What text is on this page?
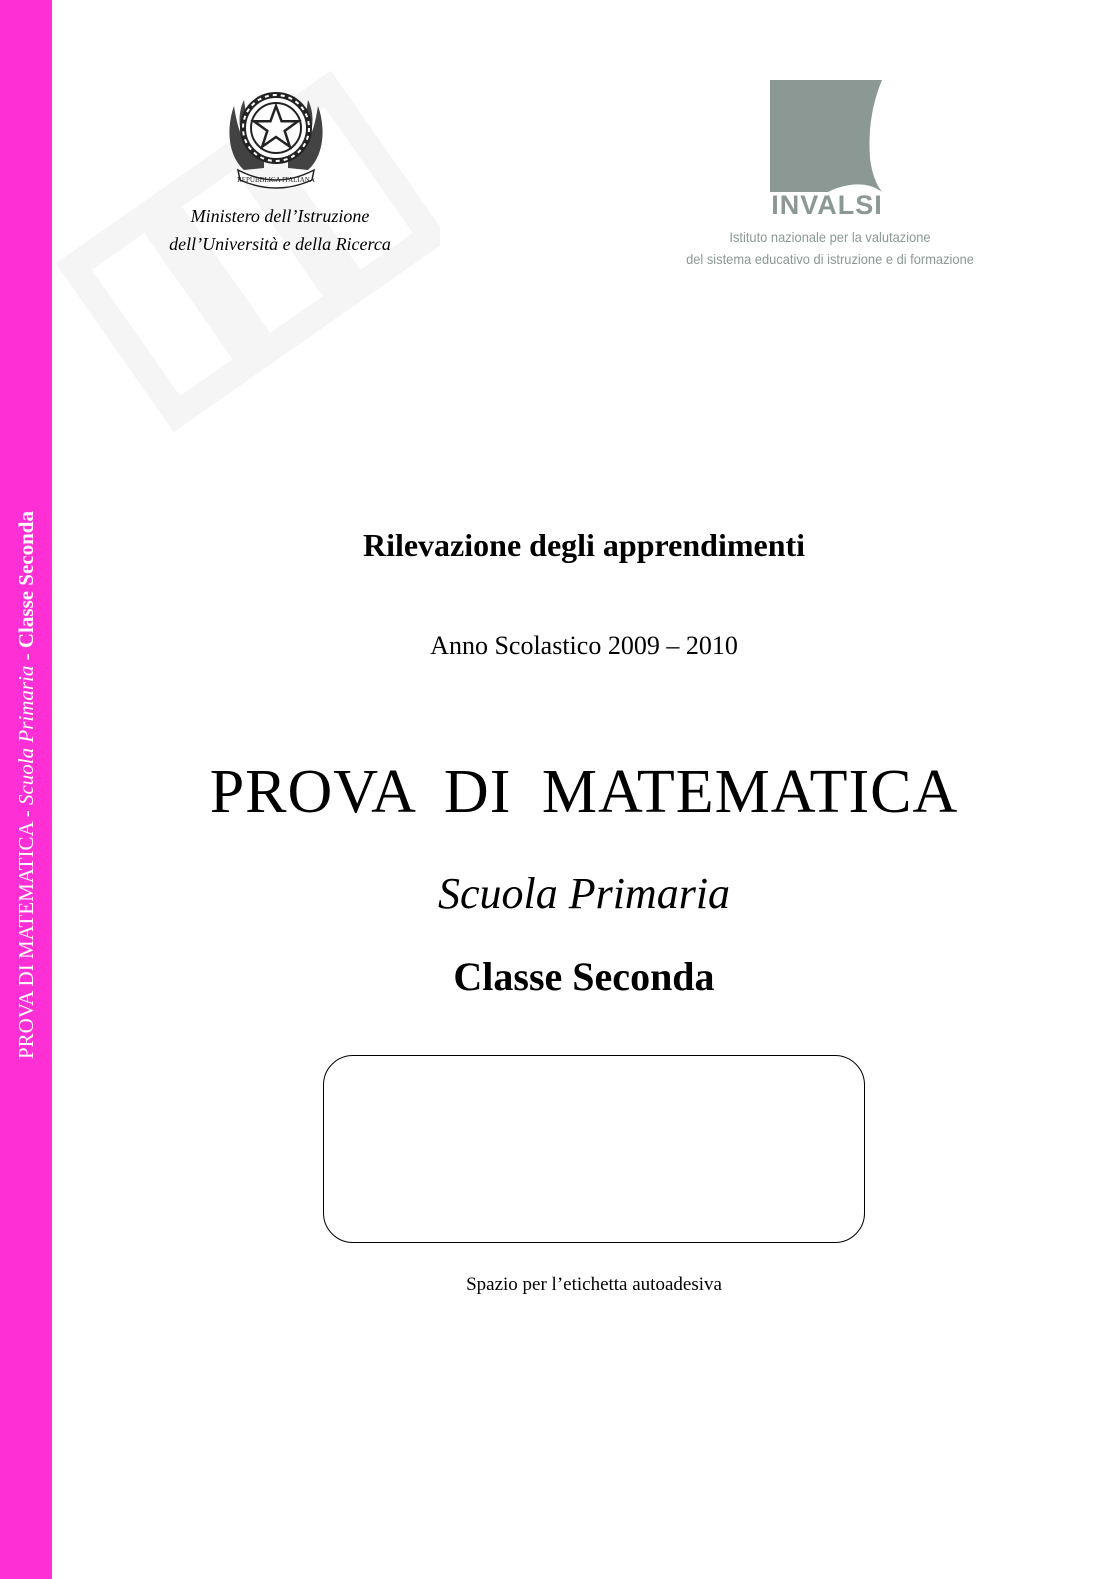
PROVA DI MATEMATICA - Scuola Primaria - Classe Seconda
REPUBBLICA ITALIANA
Ministero dell’Istruzione
dell’Università e della Ricerca
INVALSI
Istituto nazionale per la valutazione
del sistema educativo di istruzione e di formazione
Rilevazione degli apprendimenti
Anno Scolastico 2009 – 2010
PROVA DI MATEMATICA
Scuola Primaria
Classe Seconda
Spazio per l’etichetta autoadesiva
